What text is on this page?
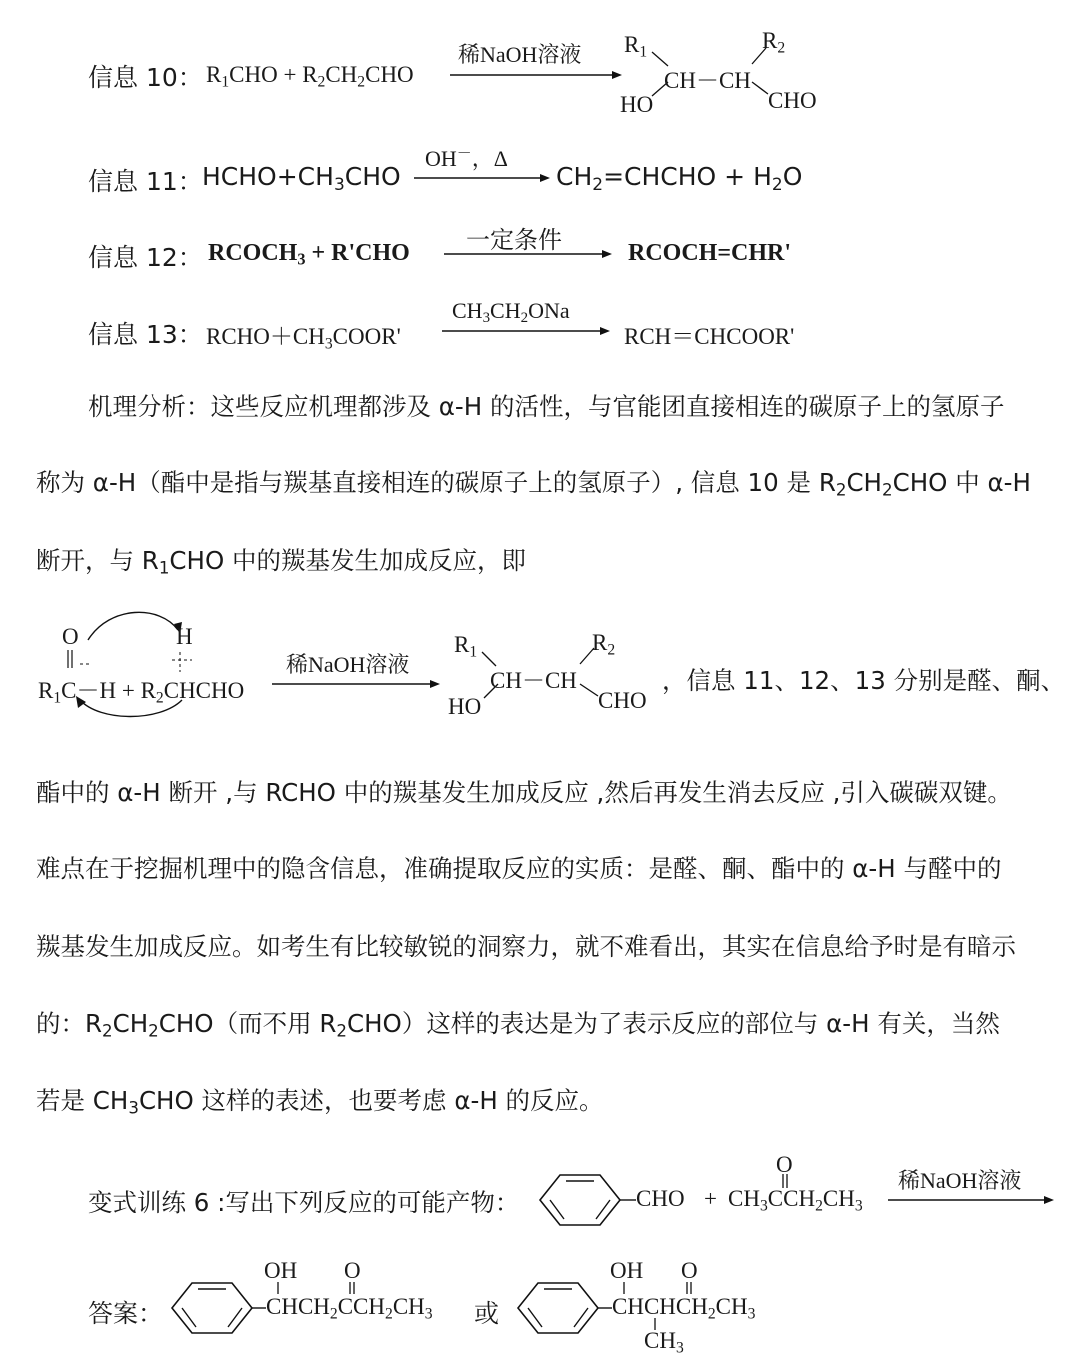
信息 10： $R_1CHO + R_2CH_2CHO$
稀NaOH溶液 $R_1$	$R_2$
CH－CH
HO	CHO
信息 11： $HCHO+CH_3CHO$
OH－，Δ
$CH_2=CHCHO + H_2O$
信息 12： $RCOCH_3 + R'CHO$ 一定条件	RCOCH=CHR'
信息 13： $RCHO+CH_3COOR'$
$CH_3CH_2ONa$
RCH＝CHCOOR'
机理分析：这些反应机理都涉及 α-H 的活性，与官能团直接相连的碳原子上的氢原子
称为 α-H（酯中是指与羰基直接相连的碳原子上的氢原子）, 信息 10 是 $R_2CH_2CHO$ 中 α-H
断开，与 $R_1CHO$ 中的羰基发生加成反应，即
O	H
$R_1C-H$ + $R_2CHCHO$
稀NaOH溶液
$R_1$	$R_2$
CH－CH
HO	CHO
，信息 11、12、13 分别是醛、酮、
酯中的 α-H 断开 ,与 RCHO 中的羰基发生加成反应 ,然后再发生消去反应 ,引入碳碳双键。
难点在于挖掘机理中的隐含信息，准确提取反应的实质：是醛、酮、酯中的 α-H 与醛中的
羰基发生加成反应。如考生有比较敏锐的洞察力，就不难看出，其实在信息给予时是有暗示
的：$R_2CH_2CHO$（而不用 $R_2CHO$）这样的表达是为了表示反应的部位与 α-H 有关，当然
若是 $CH_3CHO$ 这样的表述，也要考虑 α-H 的反应。
变式训练 6 :写出下列反应的可能产物：	CHO +
O
$CH_3CCH_2CH_3$
稀NaOH溶液
答案：
OH O
$CHCH_2CCH_2CH_3$ 或
OH O
$CHCHCH_2CH_3$
$CH_3$
